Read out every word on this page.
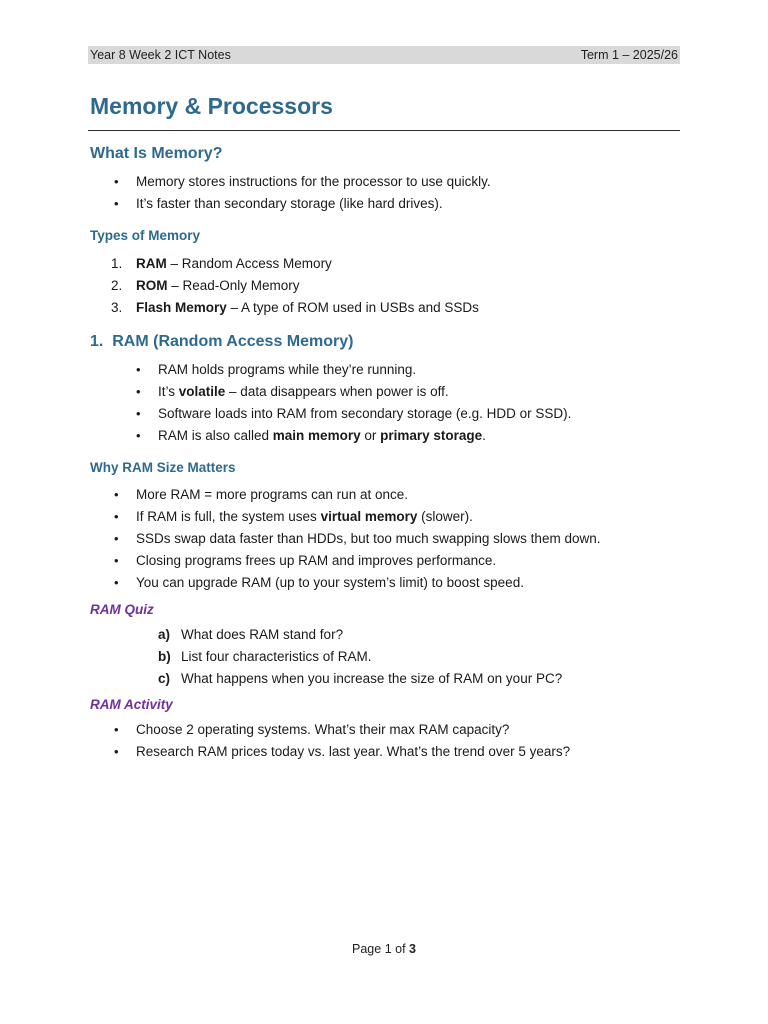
Year 8 Week 2 ICT Notes	Term 1 – 2025/26
Memory & Processors
What Is Memory?
• Memory stores instructions for the processor to use quickly.
• It’s faster than secondary storage (like hard drives).
Types of Memory
1. RAM – Random Access Memory
2. ROM – Read-Only Memory
3. Flash Memory – A type of ROM used in USBs and SSDs
1.  RAM (Random Access Memory)
• RAM holds programs while they’re running.
• It’s volatile – data disappears when power is off.
• Software loads into RAM from secondary storage (e.g. HDD or SSD).
• RAM is also called main memory or primary storage.
Why RAM Size Matters
• More RAM = more programs can run at once.
• If RAM is full, the system uses virtual memory (slower).
• SSDs swap data faster than HDDs, but too much swapping slows them down.
• Closing programs frees up RAM and improves performance.
• You can upgrade RAM (up to your system’s limit) to boost speed.
RAM Quiz
a) What does RAM stand for?
b) List four characteristics of RAM.
c) What happens when you increase the size of RAM on your PC?
RAM Activity
• Choose 2 operating systems. What’s their max RAM capacity?
• Research RAM prices today vs. last year. What’s the trend over 5 years?
Page 1 of 3
